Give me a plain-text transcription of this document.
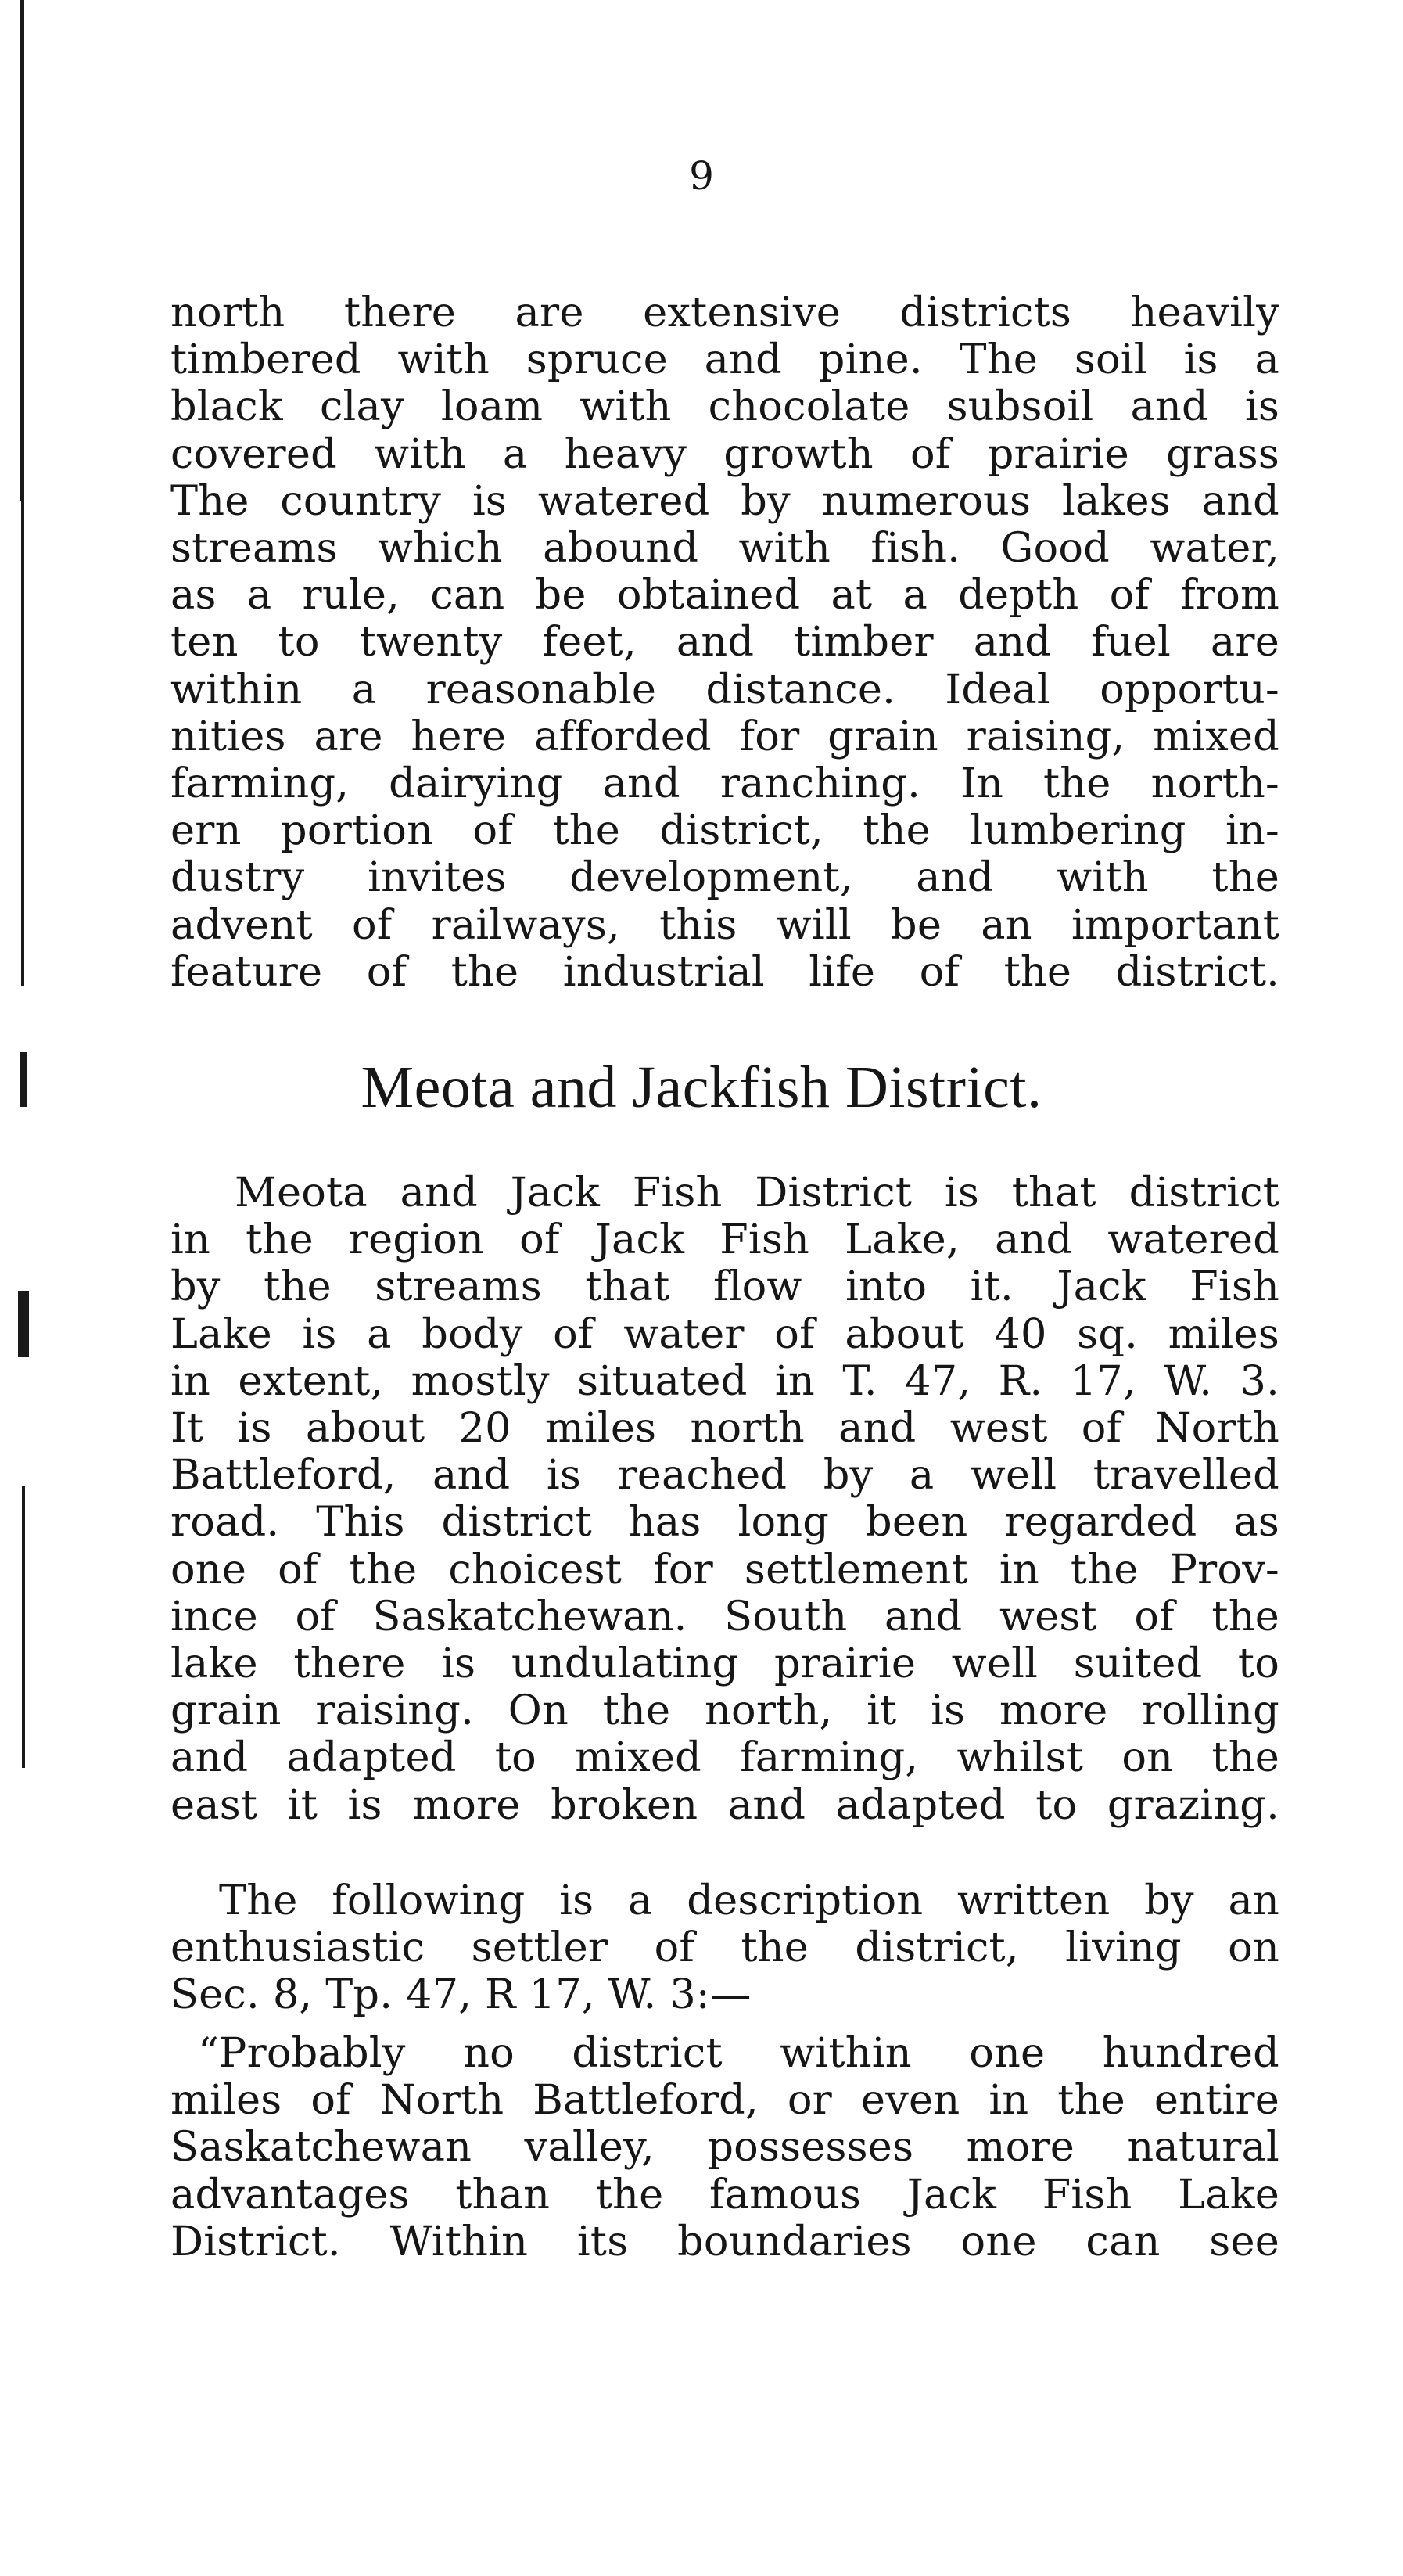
9

north there are extensive districts heavily
timbered with spruce and pine. The soil is a
black clay loam with chocolate subsoil and is
covered with a heavy growth of prairie grass
The country is watered by numerous lakes and
streams which abound with fish. Good water,
as a rule, can be obtained at a depth of from
ten to twenty feet, and timber and fuel are
within a reasonable distance. Ideal opportu-
nities are here afforded for grain raising, mixed
farming, dairying and ranching. In the north-
ern portion of the district, the lumbering in-
dustry invites development, and with the
advent of railways, this will be an important
feature of the industrial life of the district.

Meota and Jackfish District.

Meota and Jack Fish District is that district
in the region of Jack Fish Lake, and watered
by the streams that flow into it. Jack Fish
Lake is a body of water of about 40 sq. miles
in extent, mostly situated in T. 47, R. 17, W. 3.
It is about 20 miles north and west of North
Battleford, and is reached by a well travelled
road. This district has long been regarded as
one of the choicest for settlement in the Prov-
ince of Saskatchewan. South and west of the
lake there is undulating prairie well suited to
grain raising. On the north, it is more rolling
and adapted to mixed farming, whilst on the
east it is more broken and adapted to grazing.

The following is a description written by an
enthusiastic settler of the district, living on
Sec. 8, Tp. 47, R 17, W. 3:—

“Probably no district within one hundred
miles of North Battleford, or even in the entire
Saskatchewan valley, possesses more natural
advantages than the famous Jack Fish Lake
District. Within its boundaries one can see
